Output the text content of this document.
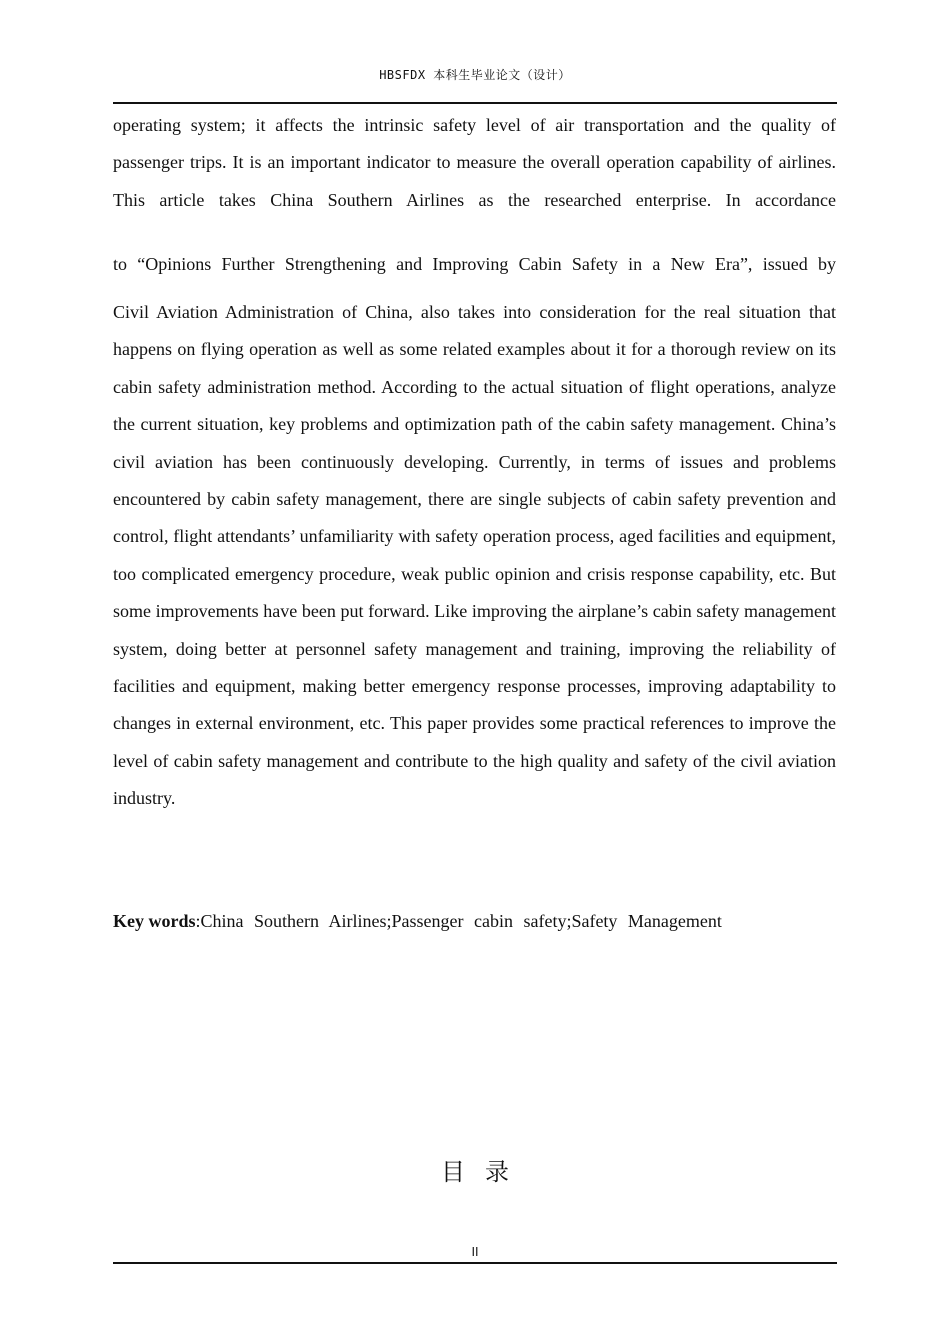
HBSFDX 本科生毕业论文（设计）

operating system; it affects the intrinsic safety level of air transportation and the quality of passenger trips. It is an important indicator to measure the overall operation capability of airlines. This article takes China Southern Airlines as the researched enterprise. In accordance

to “Opinions Further Strengthening and Improving Cabin Safety in a New Era”, issued by

Civil Aviation Administration of China, also takes into consideration for the real situation that happens on flying operation as well as some related examples about it for a thorough review on its cabin safety administration method. According to the actual situation of flight operations, analyze the current situation, key problems and optimization path of the cabin safety management. China’s civil aviation has been continuously developing. Currently, in terms of issues and problems encountered by cabin safety management, there are single subjects of cabin safety prevention and control, flight attendants’ unfamiliarity with safety operation process, aged facilities and equipment, too complicated emergency procedure, weak public opinion and crisis response capability, etc. But some improvements have been put forward. Like improving the airplane’s cabin safety management system, doing better at personnel safety management and training, improving the reliability of facilities and equipment, making better emergency response processes, improving adaptability to changes in external environment, etc. This paper provides some practical references to improve the level of cabin safety management and contribute to the high quality and safety of the civil aviation industry.

Key words:China Southern Airlines;Passenger cabin safety;Safety Management
目录
II
